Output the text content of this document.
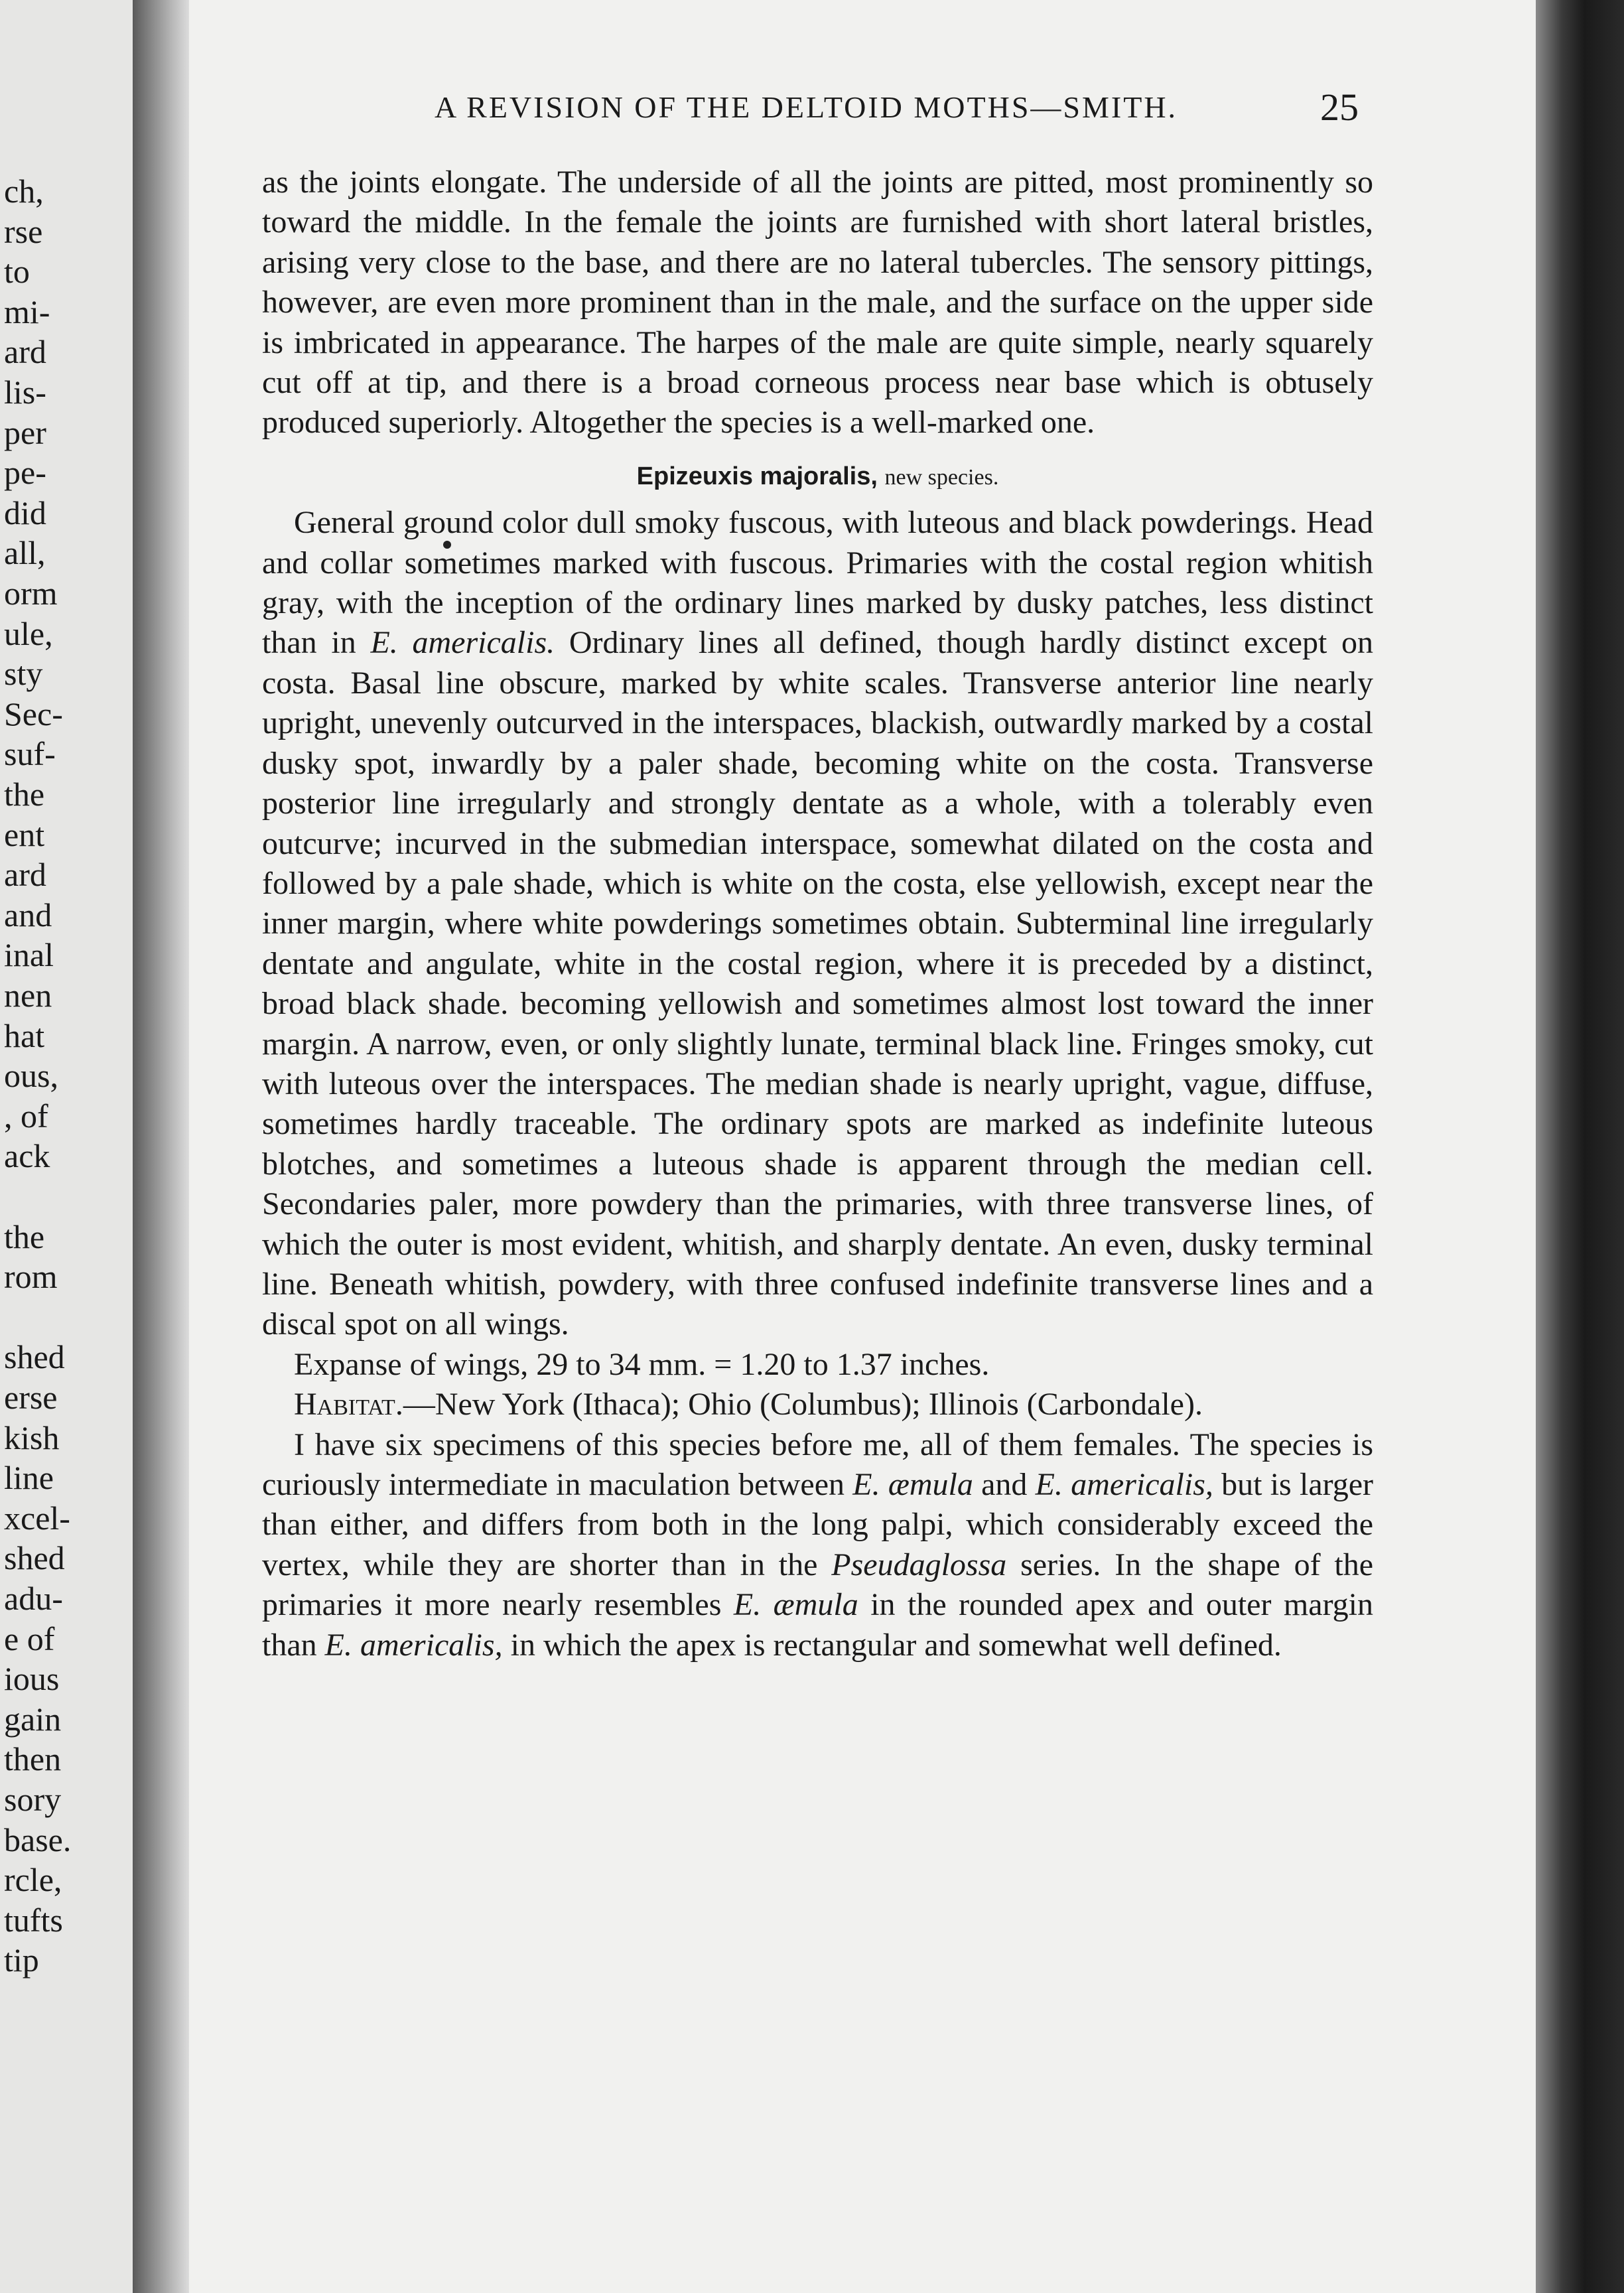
ch,
rse
to
mi-
ard
lis-
per
pe-
did
all,
orm
ule,
sty
Sec-
suf-
the
ent
ard
and
inal
nen
hat
ous,
, of
ack
the
rom
shed
erse
kish
line
xcel-
shed
adu-
e of
ious
gain
then
sory
base.
rcle,
tufts
tip
A REVISION OF THE DELTOID MOTHS—SMITH.	25

as the joints elongate. The underside of all the joints are pitted, most prominently so toward the middle. In the female the joints are furnished with short lateral bristles, arising very close to the base, and there are no lateral tubercles. The sensory pittings, however, are even more prominent than in the male, and the surface on the upper side is imbricated in appearance. The harpes of the male are quite simple, nearly squarely cut off at tip, and there is a broad corneous process near base which is obtusely produced superiorly. Altogether the species is a well-marked one.

Epizeuxis majoralis, new species.

General ground color dull smoky fuscous, with luteous and black powderings. Head and collar sometimes marked with fuscous. Primaries with the costal region whitish gray, with the inception of the ordinary lines marked by dusky patches, less distinct than in E. americalis. Ordinary lines all defined, though hardly distinct except on costa. Basal line obscure, marked by white scales. Transverse anterior line nearly upright, unevenly outcurved in the interspaces, blackish, outwardly marked by a costal dusky spot, inwardly by a paler shade, becoming white on the costa. Transverse posterior line irregularly and strongly dentate as a whole, with a tolerably even outcurve; incurved in the submedian interspace, somewhat dilated on the costa and followed by a pale shade, which is white on the costa, else yellowish, except near the inner margin, where white powderings sometimes obtain. Subterminal line irregularly dentate and angulate, white in the costal region, where it is preceded by a distinct, broad black shade. becoming yellowish and sometimes almost lost toward the inner margin. A narrow, even, or only slightly lunate, terminal black line. Fringes smoky, cut with luteous over the interspaces. The median shade is nearly upright, vague, diffuse, sometimes hardly traceable. The ordinary spots are marked as indefinite luteous blotches, and sometimes a luteous shade is apparent through the median cell. Secondaries paler, more powdery than the primaries, with three transverse lines, of which the outer is most evident, whitish, and sharply dentate. An even, dusky terminal line. Beneath whitish, powdery, with three confused indefinite transverse lines and a discal spot on all wings.

Expanse of wings, 29 to 34 mm. = 1.20 to 1.37 inches.

Habitat.—New York (Ithaca); Ohio (Columbus); Illinois (Carbondale).

I have six specimens of this species before me, all of them females. The species is curiously intermediate in maculation between E. æmula and E. americalis, but is larger than either, and differs from both in the long palpi, which considerably exceed the vertex, while they are shorter than in the Pseudaglossa series. In the shape of the primaries it more nearly resembles E. æmula in the rounded apex and outer margin than E. americalis, in which the apex is rectangular and somewhat well defined.
